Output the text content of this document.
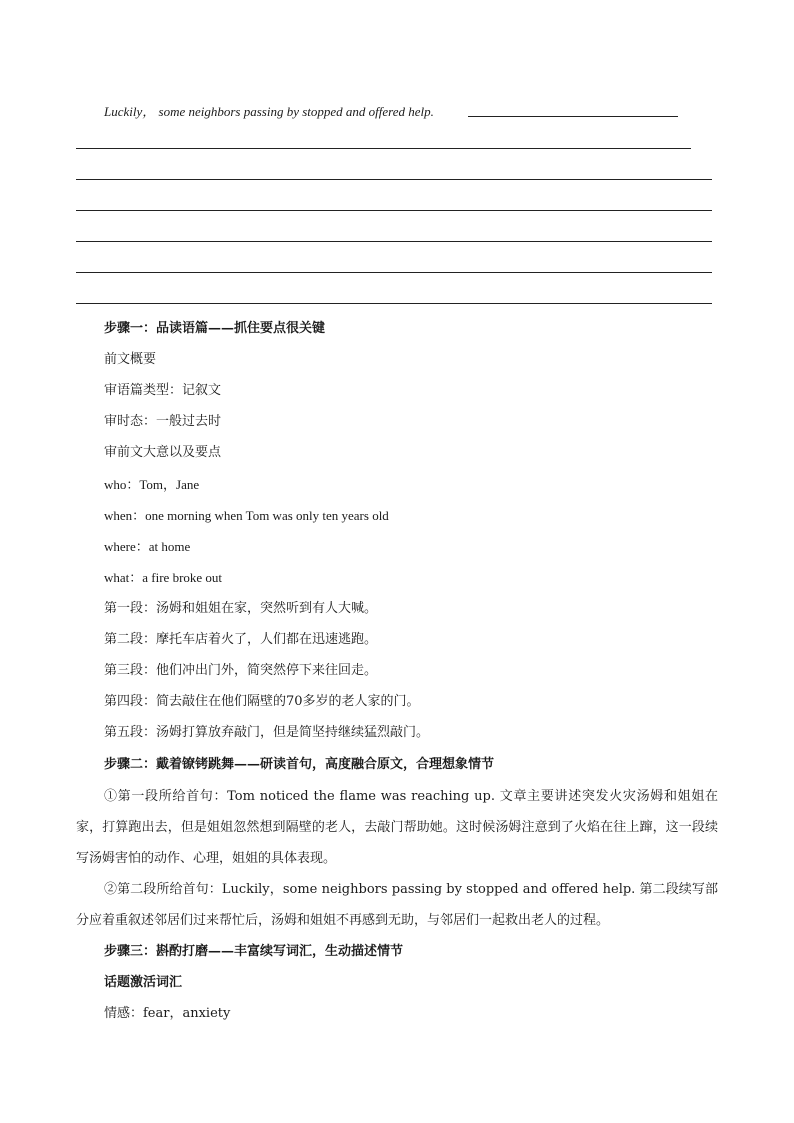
Luckily， some neighbors passing by stopped and offered help.
步骤一：品读语篇——抓住要点很关键
前文概要
审语篇类型：记叙文
审时态：一般过去时
审前文大意以及要点
who：Tom，Jane
when：one morning when Tom was only ten years old
where：at home
what：a fire broke out
第一段：汤姆和姐姐在家，突然听到有人大喊。
第二段：摩托车店着火了，人们都在迅速逃跑。
第三段：他们冲出门外，简突然停下来往回走。
第四段：简去敲住在他们隔壁的70多岁的老人家的门。
第五段：汤姆打算放弃敲门，但是简坚持继续猛烈敲门。
步骤二：戴着镣铐跳舞——研读首句，高度融合原文，合理想象情节
①第一段所给首句：Tom noticed the flame was reaching up. 文章主要讲述突发火灾汤姆和姐姐在家，打算跑出去，但是姐姐忽然想到隔壁的老人，去敲门帮助她。这时候汤姆注意到了火焰在往上蹿，这一段续写汤姆害怕的动作、心理，姐姐的具体表现。
②第二段所给首句：Luckily，some neighbors passing by stopped and offered help. 第二段续写部分应着重叙述邻居们过来帮忙后，汤姆和姐姐不再感到无助，与邻居们一起救出老人的过程。
步骤三：斟酌打磨——丰富续写词汇，生动描述情节
话题激活词汇
情感：fear，anxiety
